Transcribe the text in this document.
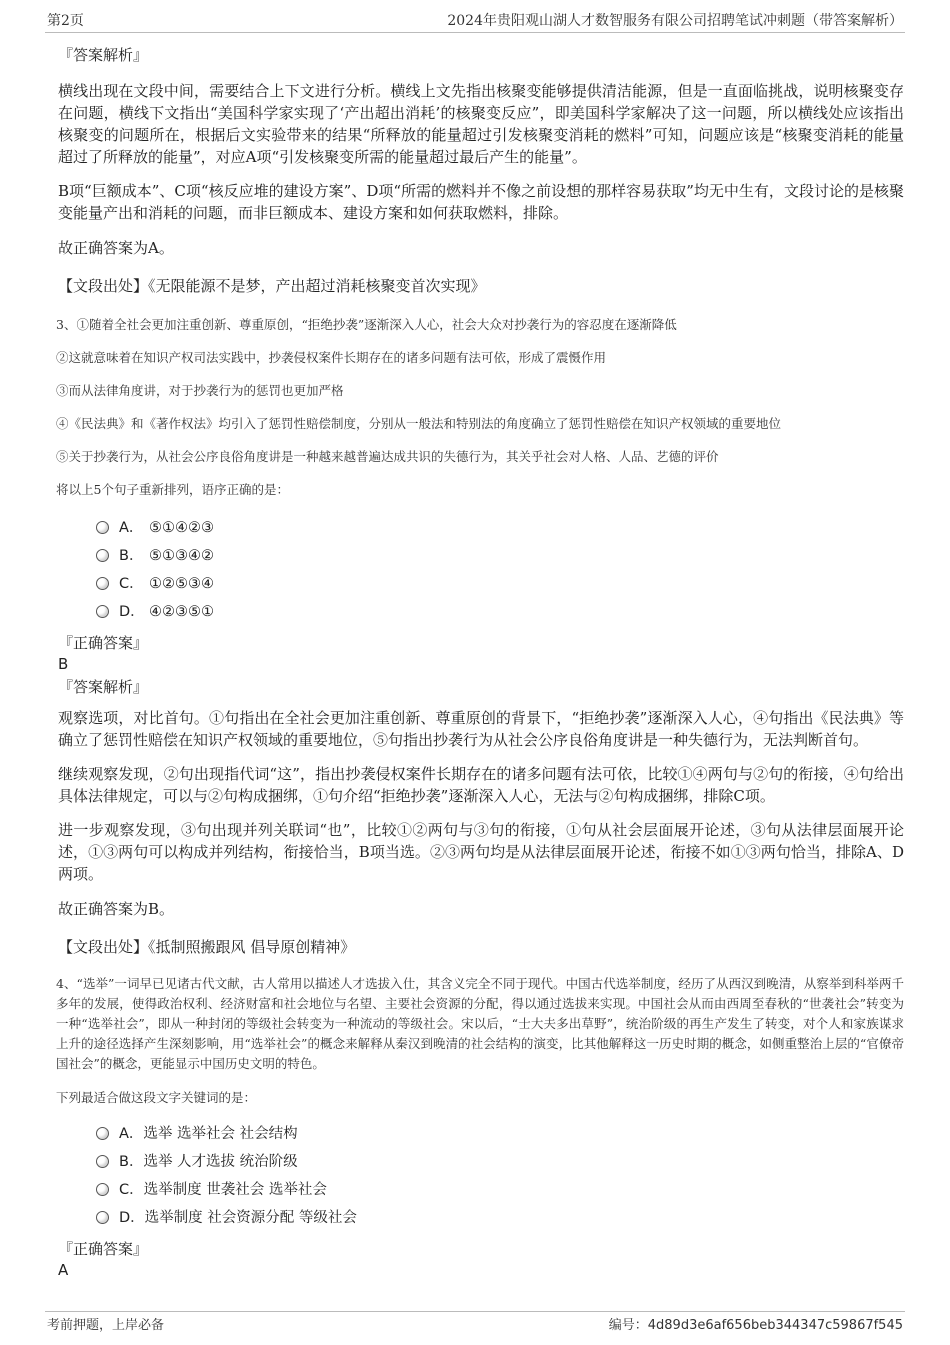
第2页	2024年贵阳观山湖人才数智服务有限公司招聘笔试冲刺题（带答案解析）

『答案解析』

横线出现在文段中间，需要结合上下文进行分析。横线上文先指出核聚变能够提供清洁能源，但是一直面临挑战，说明核聚变存在问题，横线下文指出“美国科学家实现了‘产出超出消耗’的核聚变反应”，即美国科学家解决了这一问题，所以横线处应该指出核聚变的问题所在，根据后文实验带来的结果“所释放的能量超过引发核聚变消耗的燃料”可知，问题应该是“核聚变消耗的能量超过了所释放的能量”，对应A项“引发核聚变所需的能量超过最后产生的能量”。

B项“巨额成本”、C项“核反应堆的建设方案”、D项“所需的燃料并不像之前设想的那样容易获取”均无中生有，文段讨论的是核聚变能量产出和消耗的问题，而非巨额成本、建设方案和如何获取燃料，排除。

故正确答案为A。

【文段出处】《无限能源不是梦，产出超过消耗核聚变首次实现》

3、①随着全社会更加注重创新、尊重原创，“拒绝抄袭”逐渐深入人心，社会大众对抄袭行为的容忍度在逐渐降低

②这就意味着在知识产权司法实践中，抄袭侵权案件长期存在的诸多问题有法可依，形成了震慑作用

③而从法律角度讲，对于抄袭行为的惩罚也更加严格

④《民法典》和《著作权法》均引入了惩罚性赔偿制度，分别从一般法和特别法的角度确立了惩罚性赔偿在知识产权领域的重要地位

⑤关于抄袭行为，从社会公序良俗角度讲是一种越来越普遍达成共识的失德行为，其关乎社会对人格、人品、艺德的评价

将以上5个句子重新排列，语序正确的是：

A． ⑤①④②③
B． ⑤①③④②
C． ①②⑤③④
D． ④②③⑤①

『正确答案』

B

『答案解析』

观察选项，对比首句。①句指出在全社会更加注重创新、尊重原创的背景下，“拒绝抄袭”逐渐深入人心，④句指出《民法典》等确立了惩罚性赔偿在知识产权领域的重要地位，⑤句指出抄袭行为从社会公序良俗角度讲是一种失德行为，无法判断首句。

继续观察发现，②句出现指代词“这”，指出抄袭侵权案件长期存在的诸多问题有法可依，比较①④两句与②句的衔接，④句给出具体法律规定，可以与②句构成捆绑，①句介绍“拒绝抄袭”逐渐深入人心，无法与②句构成捆绑，排除C项。

进一步观察发现，③句出现并列关联词“也”，比较①②两句与③句的衔接，①句从社会层面展开论述，③句从法律层面展开论述，①③两句可以构成并列结构，衔接恰当，B项当选。②③两句均是从法律层面展开论述，衔接不如①③两句恰当，排除A、D两项。

故正确答案为B。

【文段出处】《抵制照搬跟风 倡导原创精神》

4、“选举”一词早已见诸古代文献，古人常用以描述人才选拔入仕，其含义完全不同于现代。中国古代选举制度，经历了从西汉到晚清，从察举到科举两千多年的发展，使得政治权利、经济财富和社会地位与名望、主要社会资源的分配，得以通过选拔来实现。中国社会从而由西周至春秋的“世袭社会”转变为一种“选举社会”，即从一种封闭的等级社会转变为一种流动的等级社会。宋以后，“士大夫多出草野”，统治阶级的再生产发生了转变，对个人和家族谋求上升的途径选择产生深刻影响，用“选举社会”的概念来解释从秦汉到晚清的社会结构的演变，比其他解释这一历史时期的概念，如侧重整治上层的“官僚帝国社会”的概念，更能显示中国历史文明的特色。

下列最适合做这段文字关键词的是：

A．选举 选举社会 社会结构
B．选举 人才选拔 统治阶级
C．选举制度 世袭社会 选举社会
D．选举制度 社会资源分配 等级社会

『正确答案』

A

考前押题，上岸必备	编号：4d89d3e6af656beb344347c59867f545
